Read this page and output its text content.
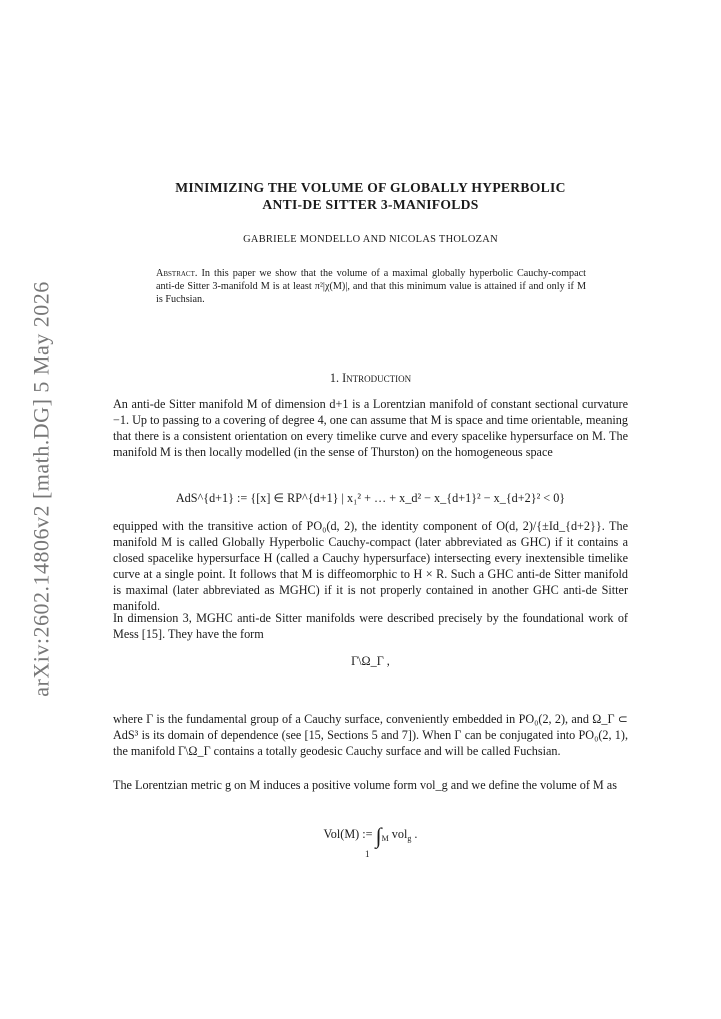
arXiv:2602.14806v2 [math.DG] 5 May 2026
MINIMIZING THE VOLUME OF GLOBALLY HYPERBOLIC
ANTI-DE SITTER 3-MANIFOLDS
GABRIELE MONDELLO AND NICOLAS THOLOZAN
Abstract. In this paper we show that the volume of a maximal globally hyperbolic Cauchy-compact anti-de Sitter 3-manifold M is at least π²|χ(M)|, and that this minimum value is attained if and only if M is Fuchsian.
1. Introduction
An anti-de Sitter manifold M of dimension d+1 is a Lorentzian manifold of constant sectional curvature −1. Up to passing to a covering of degree 4, one can assume that M is space and time orientable, meaning that there is a consistent orientation on every timelike curve and every spacelike hypersurface on M. The manifold M is then locally modelled (in the sense of Thurston) on the homogeneous space
AdS^{d+1} := {[x] ∈ RP^{d+1} | x₁² + … + x_d² − x_{d+1}² − x_{d+2}² < 0}
equipped with the transitive action of PO₀(d, 2), the identity component of O(d, 2)/{±Id_{d+2}}. The manifold M is called Globally Hyperbolic Cauchy-compact (later abbreviated as GHC) if it contains a closed spacelike hypersurface H (called a Cauchy hypersurface) intersecting every inextensible timelike curve at a single point. It follows that M is diffeomorphic to H × R. Such a GHC anti-de Sitter manifold is maximal (later abbreviated as MGHC) if it is not properly contained in another GHC anti-de Sitter manifold.
In dimension 3, MGHC anti-de Sitter manifolds were described precisely by the foundational work of Mess [15]. They have the form
Γ\Ω_Γ ,
where Γ is the fundamental group of a Cauchy surface, conveniently embedded in PO₀(2, 2), and Ω_Γ ⊂ AdS³ is its domain of dependence (see [15, Sections 5 and 7]). When Γ can be conjugated into PO₀(2, 1), the manifold Γ\Ω_Γ contains a totally geodesic Cauchy surface and will be called Fuchsian.
The Lorentzian metric g on M induces a positive volume form vol_g and we define the volume of M as
Vol(M) := $\int_M$ vol$_g$ .
1
